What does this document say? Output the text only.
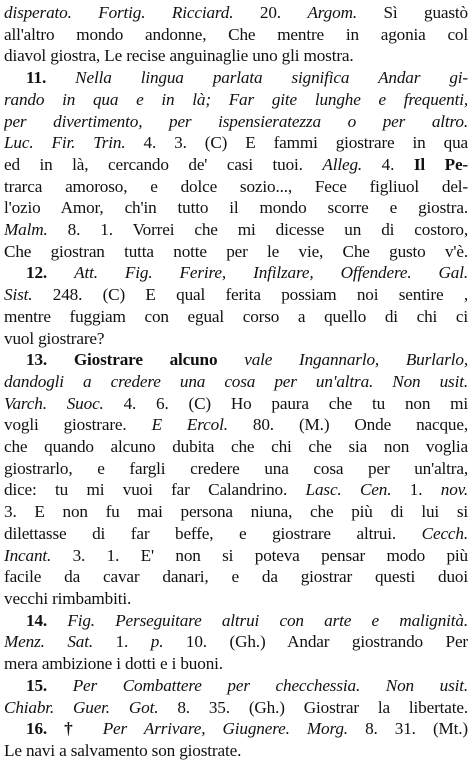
disperato. Fortig. Ricciard. 20. Argom. Sì guastò
all'altro mondo andonne, Che mentre in agonia col
diavol giostra, Le recise anguinaglie uno gli mostra.
11. Nella lingua parlata significa Andar gi-
rando in qua e in là; Far gite lunghe e frequenti,
per divertimento, per ispensieratezza o per altro.
Luc. Fir. Trin. 4. 3. (C) E fammi giostrare in qua
ed in là, cercando de' casi tuoi. Alleg. 4. Il Pe-
trarca amoroso, e dolce sozio..., Fece figliuol del-
l'ozio Amor, ch'in tutto il mondo scorre e giostra.
Malm. 8. 1. Vorrei che mi dicesse un di costoro,
Che giostran tutta notte per le vie, Che gusto v'è.
12. Att. Fig. Ferire, Infilzare, Offendere. Gal.
Sist. 248. (C) E qual ferita possiam noi sentire ,
mentre fuggiam con egual corso a quello di chi ci
vuol giostrare?
13. Giostrare alcuno vale Ingannarlo, Burlarlo,
dandogli a credere una cosa per un'altra. Non usit.
Varch. Suoc. 4. 6. (C) Ho paura che tu non mi
vogli giostrare. E Ercol. 80. (M.) Onde nacque,
che quando alcuno dubita che chi che sia non voglia
giostrarlo, e fargli credere una cosa per un'altra,
dice: tu mi vuoi far Calandrino. Lasc. Cen. 1. nov.
3. E non fu mai persona niuna, che più di lui si
dilettasse di far beffe, e giostrare altrui. Cecch.
Incant. 3. 1. E' non si poteva pensar modo più
facile da cavar danari, e da giostrar questi duoi
vecchi rimbambiti.
14. Fig. Perseguitare altrui con arte e malignità.
Menz. Sat. 1. p. 10. (Gh.) Andar giostrando Per
mera ambizione i dotti e i buoni.
15. Per Combattere per checchessia. Non usit.
Chiabr. Guer. Got. 8. 35. (Gh.) Giostrar la libertate.
16. † Per Arrivare, Giugnere. Morg. 8. 31. (Mt.)
Le navi a salvamento son giostrate.
